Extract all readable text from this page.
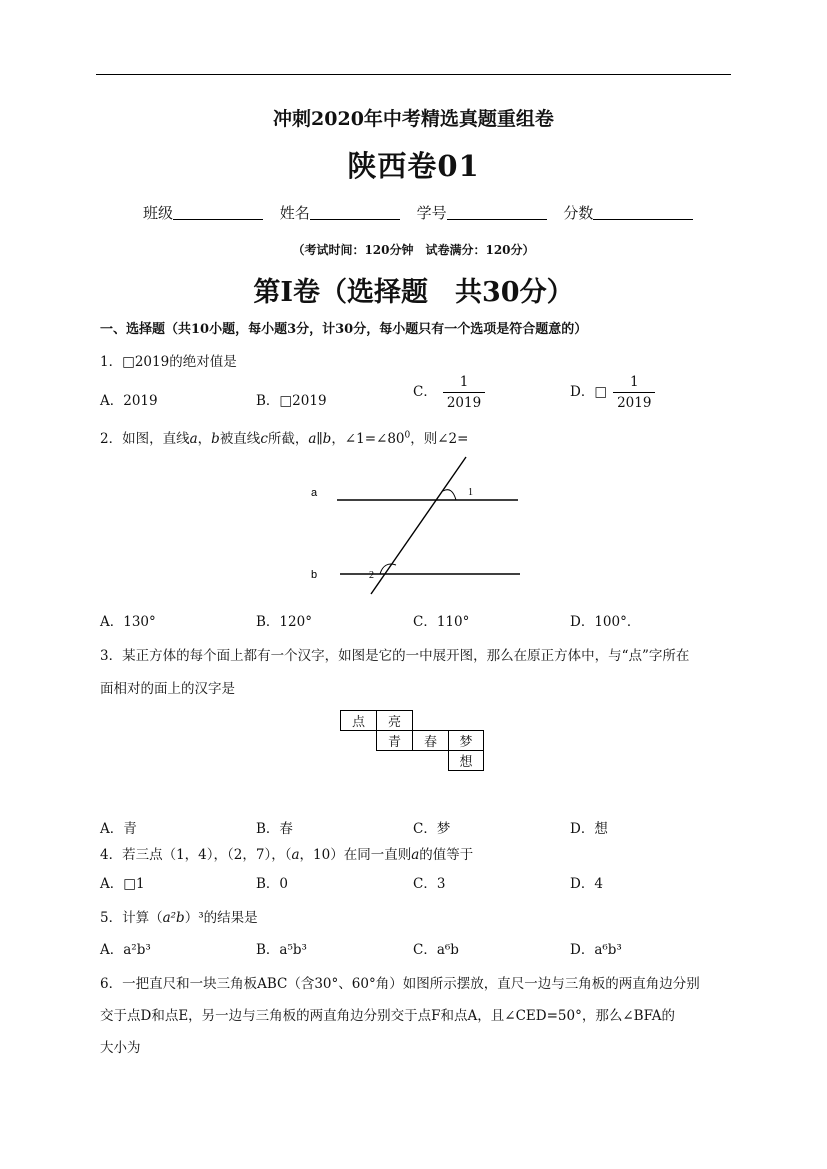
冲刺2020年中考精选真题重组卷
陕西卷01
班级	姓名	学号	分数
（考试时间：120分钟　试卷满分：120分）
第Ⅰ卷（选择题　共30分）
一、选择题（共10小题，每小题3分，计30分，每小题只有一个选项是符合题意的）
1．□2019的绝对值是
A．2019	B．□2019
C． $\frac{1}{2019}$	D．□ $\frac{1}{2019}$
2．如图，直线a，b被直线c所截，a∥b，$\angle 1=\angle 80^0$，则∠2=
a
b
1
2
A．130°	B．120°	C．110°	D．100°．
3．某正方体的每个面上都有一个汉字，如图是它的一中展开图，那么在原正方体中，与“点”字所在
面相对的面上的汉字是
点	亮
青	春	梦
想
A．青	B．春	C．梦	D．想
4．若三点（1，4），（2，7），（a，10）在同一直则a的值等于
A．□1	B．0	C．3	D．4
5．计算（a²b）³的结果是
A．a²b³	B．a⁵b³	C．a⁶b	D．a⁶b³
6．一把直尺和一块三角板ABC（含30°、60°角）如图所示摆放，直尺一边与三角板的两直角边分别
交于点D和点E，另一边与三角板的两直角边分别交于点F和点A，且∠CED=50°，那么∠BFA的
大小为
